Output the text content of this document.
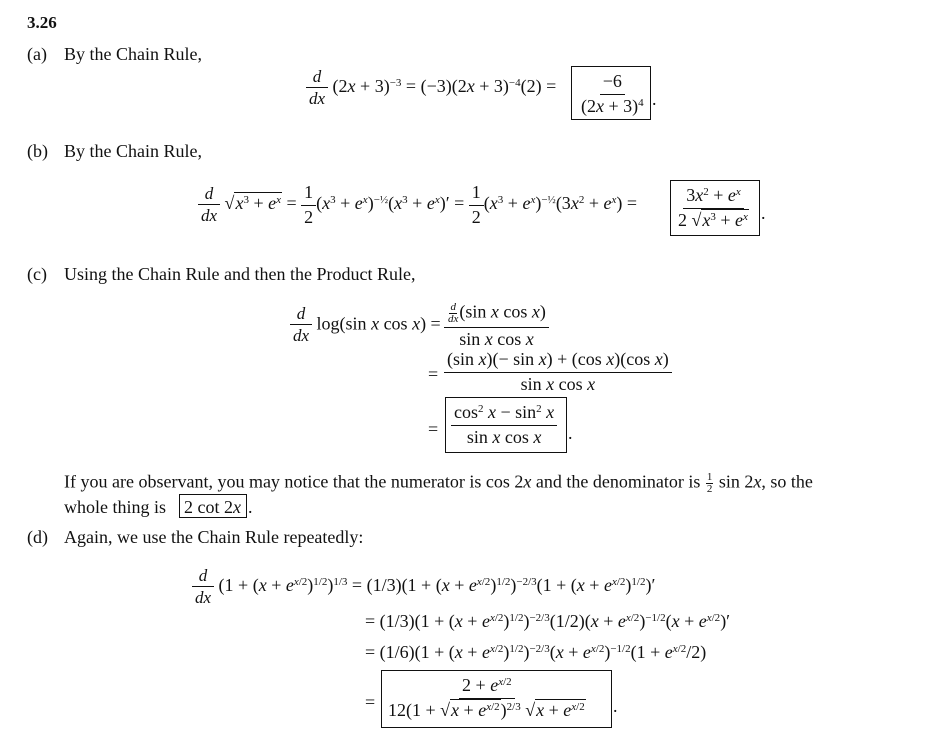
3.26
(a) By the Chain Rule,
$\frac{d}{dx} (2x + 3)^{-3} = (-3)(2x + 3)^{-4}(2) = \frac{-6}{(2x + 3)^4}$ .
(b) By the Chain Rule,
$\frac{d}{dx} √x^3 + e^x = \frac{1}{2} (x^3 + e^x)^{-\frac{1}{2}}(x^3 + e^x)' = \frac{1}{2} (x^3 + e^x)^{-\frac{1}{2}}(3x^2 + e^x) = \frac{3x^2 + e^x}{2 √x^3 + e^x}$ .
(c) Using the Chain Rule and then the Product Rule,
$\frac{d}{dx} \log(\sin$ x $\cos x) = \frac{\frac{d}{dx} (\sin x \cos x)}{\text{sin x cos x}}$
= $\frac{\text{(sin x)(− sin x) + (cos x)(cos x)}}{\text{sin x cos x}}$
= $\frac{\cos^2 x - \sin^2 x}{\text{sin x cos x}}$ .
If you are observant, you may notice that the numerator is cos 2x and the denominator is $\frac{1}{2}$ sin 2x, so the
whole thing is 2 cot 2x .
(d) Again, we use the Chain Rule repeatedly:
$\frac{d}{dx} (1 + (x + e^{x/2})^{1/2})^{1/3} = (1/3)(1 + (x + e^{x/2})^{1/2})^{-2/3}(1 + (x + e^{x/2})^{1/2})'$
= $(1/3)(1 + (x + e^{x/2})^{1/2})^{-2/3}(1/2)(x + e^{x/2})^{-1/2}(x + e^{x/2})'$
= $(1/6)(1 + (x + e^{x/2})^{1/2})^{-2/3}(x + e^{x/2})^{-1/2}(1 + e^{x/2}/2)$
= $\frac{2 + e^{x/2}}{12(1 + √x + e^{x/2})^{2/3} √x + e^{x/2}}$ .
